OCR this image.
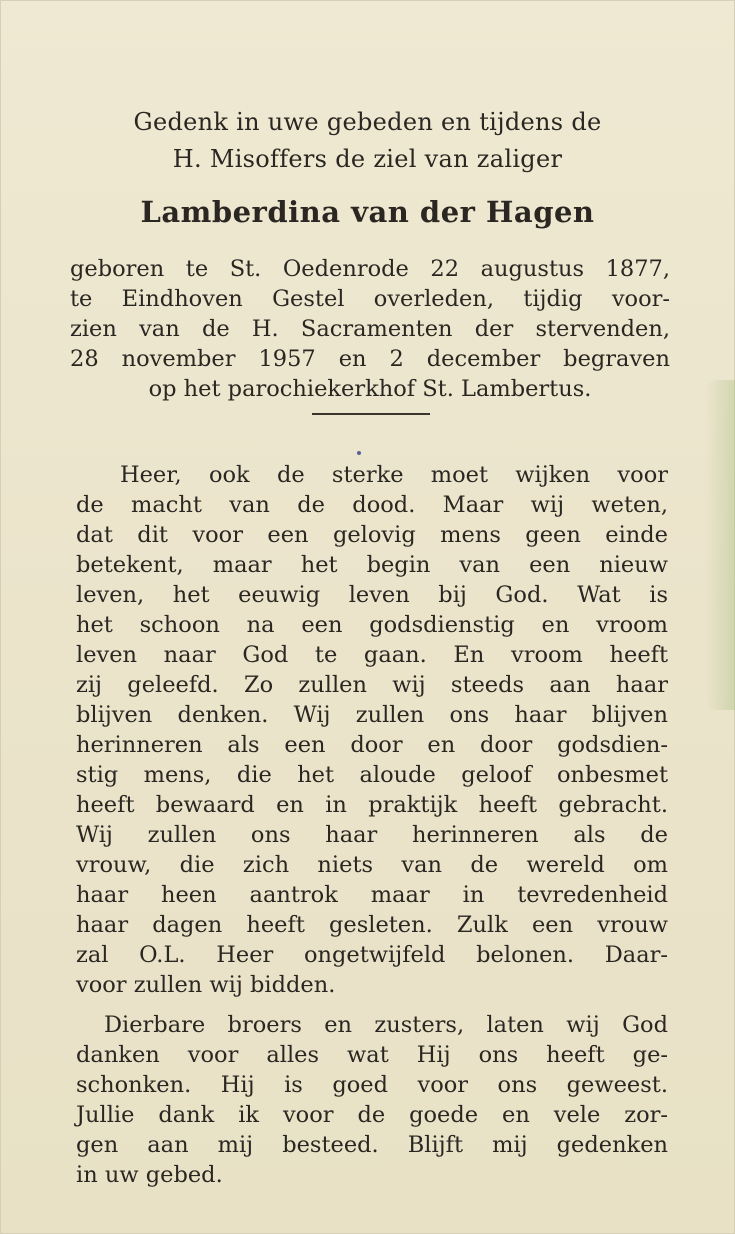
Gedenk in uwe gebeden en tijdens de
H. Misoffers de ziel van zaliger
Lamberdina van der Hagen
geboren te St. Oedenrode 22 augustus 1877,
te Eindhoven Gestel overleden, tijdig voor-
zien van de H. Sacramenten der stervenden,
28 november 1957 en 2 december begraven
op het parochiekerkhof St. Lambertus.
Heer, ook de sterke moet wijken voor
de macht van de dood. Maar wij weten,
dat dit voor een gelovig mens geen einde
betekent, maar het begin van een nieuw
leven, het eeuwig leven bij God. Wat is
het schoon na een godsdienstig en vroom
leven naar God te gaan. En vroom heeft
zij geleefd. Zo zullen wij steeds aan haar
blijven denken. Wij zullen ons haar blijven
herinneren als een door en door godsdien-
stig mens, die het aloude geloof onbesmet
heeft bewaard en in praktijk heeft gebracht.
Wij zullen ons haar herinneren als de
vrouw, die zich niets van de wereld om
haar heen aantrok maar in tevredenheid
haar dagen heeft gesleten. Zulk een vrouw
zal O.L. Heer ongetwijfeld belonen. Daar-
voor zullen wij bidden.
Dierbare broers en zusters, laten wij God
danken voor alles wat Hij ons heeft ge-
schonken. Hij is goed voor ons geweest.
Jullie dank ik voor de goede en vele zor-
gen aan mij besteed. Blijft mij gedenken
in uw gebed.
